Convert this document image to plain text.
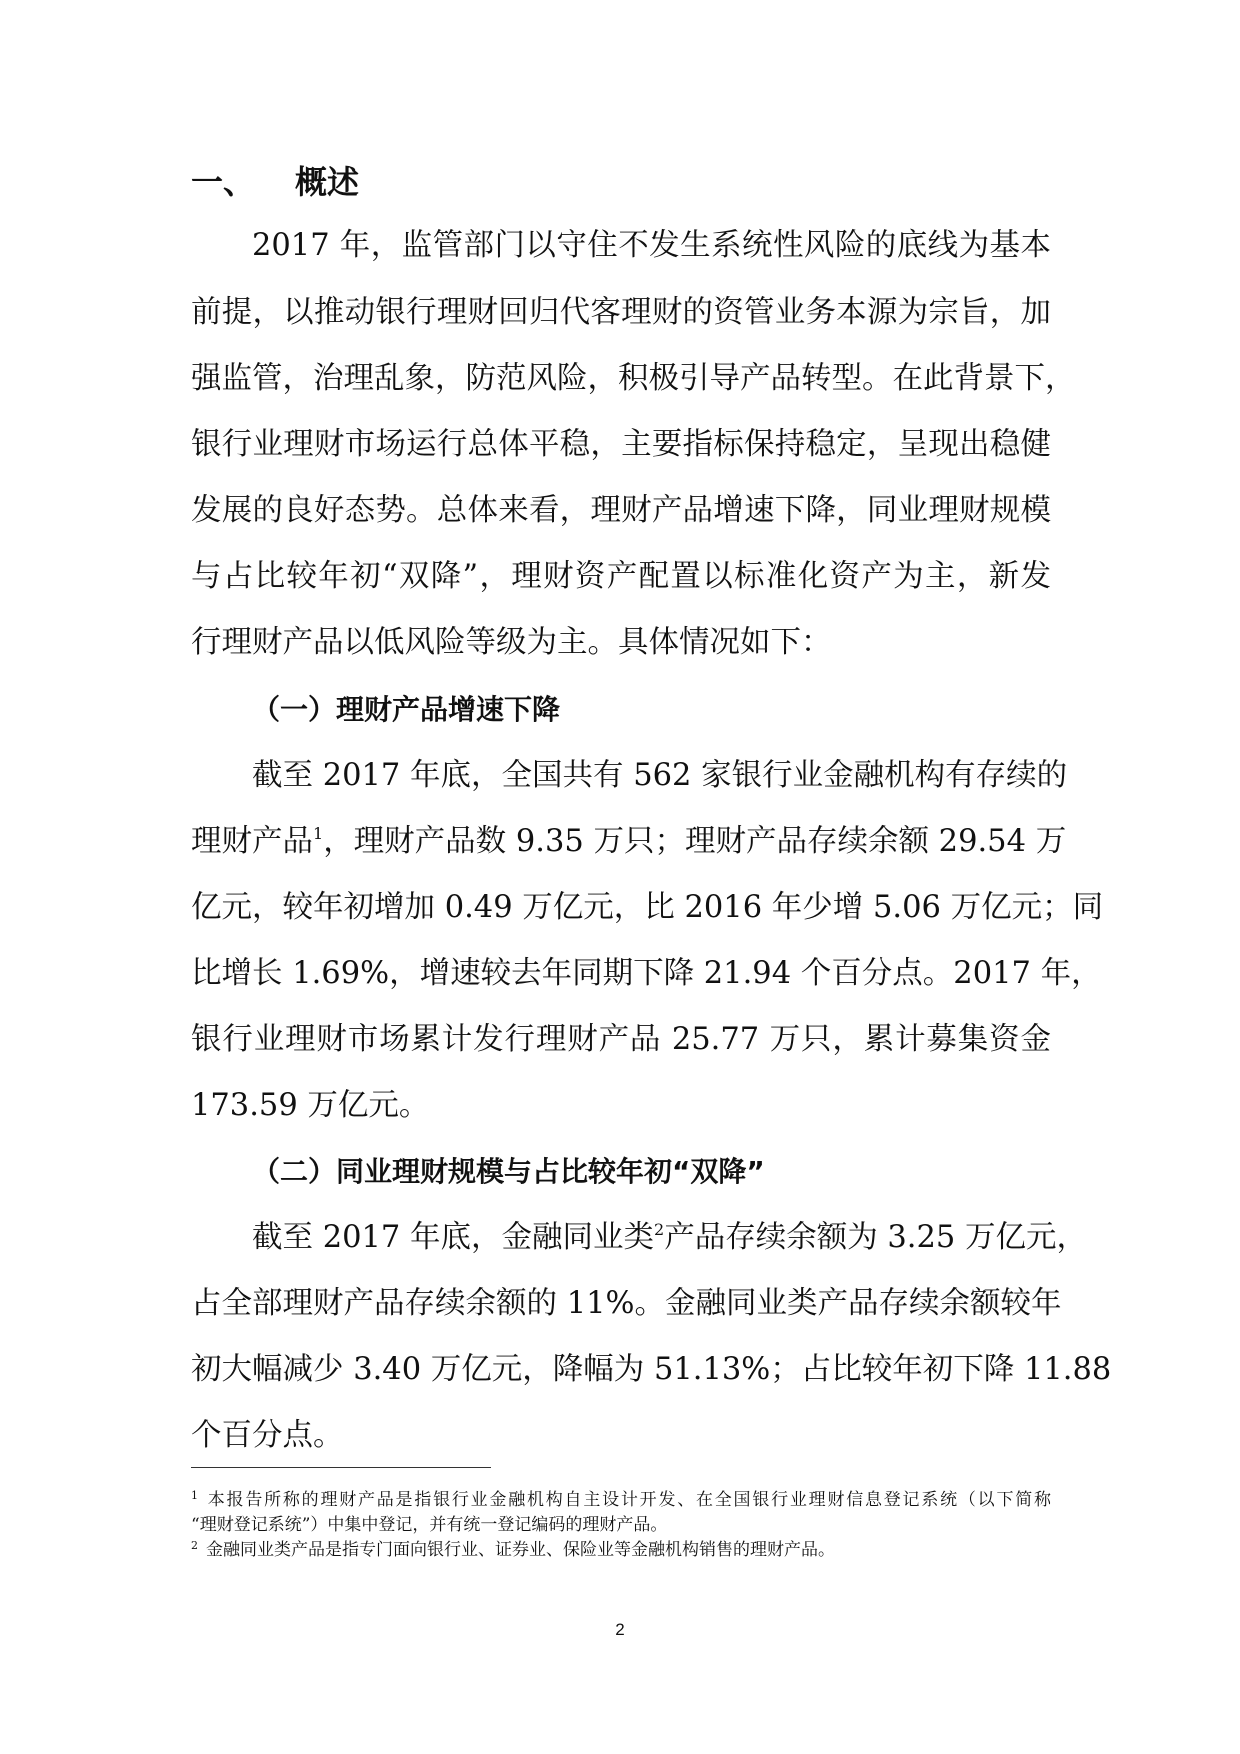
一、 概述
2017 年，监管部门以守住不发生系统性风险的底线为基本
前提，以推动银行理财回归代客理财的资管业务本源为宗旨，加
强监管，治理乱象，防范风险，积极引导产品转型。在此背景下，
银行业理财市场运行总体平稳，主要指标保持稳定，呈现出稳健
发展的良好态势。总体来看，理财产品增速下降，同业理财规模
与占比较年初“双降”，理财资产配置以标准化资产为主，新发
行理财产品以低风险等级为主。具体情况如下：
（一）理财产品增速下降
截至 2017 年底，全国共有 562 家银行业金融机构有存续的
理财产品$^1$，理财产品数 9.35 万只；理财产品存续余额 29.54 万
亿元，较年初增加 0.49 万亿元，比 2016 年少增 5.06 万亿元；同
比增长 1.69%，增速较去年同期下降 21.94 个百分点。2017 年，
银行业理财市场累计发行理财产品 25.77 万只，累计募集资金
173.59 万亿元。
（二）同业理财规模与占比较年初“双降”
截至 2017 年底，金融同业类$^2$产品存续余额为 3.25 万亿元，
占全部理财产品存续余额的 11%。金融同业类产品存续余额较年
初大幅减少 3.40 万亿元，降幅为 51.13%；占比较年初下降 11.88
个百分点。
$^1$ 本报告所称的理财产品是指银行业金融机构自主设计开发、在全国银行业理财信息登记系统（以下简称
“理财登记系统”）中集中登记，并有统一登记编码的理财产品。
$^2$ 金融同业类产品是指专门面向银行业、证券业、保险业等金融机构销售的理财产品。
2
